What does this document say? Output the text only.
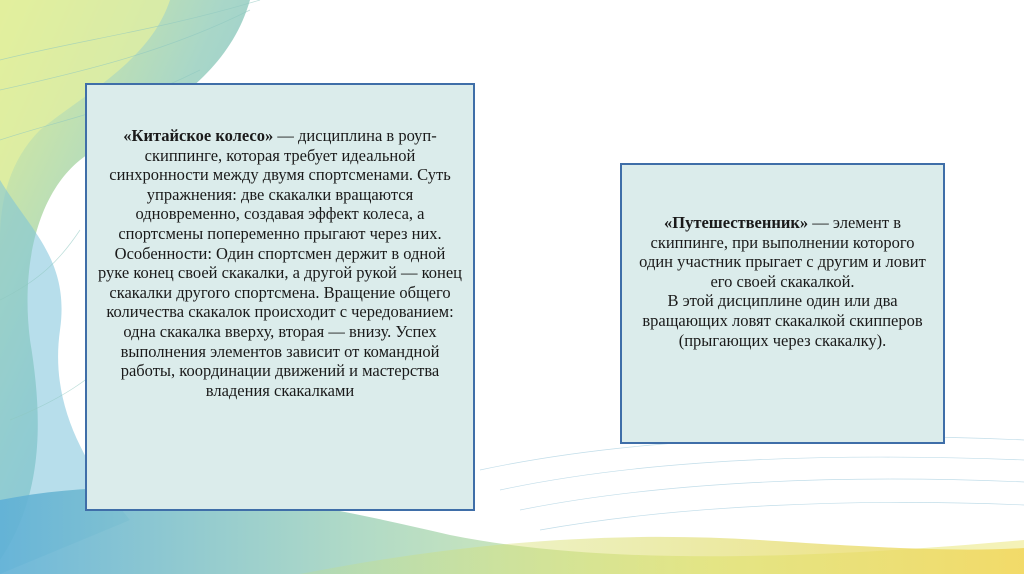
«Китайское колесо» — дисциплина в роуп-скиппинге, которая требует идеальной синхронности между двумя спортсменами. Суть упражнения: две скакалки вращаются одновременно, создавая эффект колеса, а спортсмены попеременно прыгают через них.

Особенности: Один спортсмен держит в одной руке конец своей скакалки, а другой рукой — конец скакалки другого спортсмена. Вращение общего количества скакалок происходит с чередованием: одна скакалка вверху, вторая — внизу. Успех выполнения элементов зависит от командной работы, координации движений и мастерства владения скакалками

«Путешественник» — элемент в скиппинге, при выполнении которого один участник прыгает с другим и ловит его своей скакалкой.

В этой дисциплине один или два вращающих ловят скакалкой скипперов (прыгающих через скакалку).
